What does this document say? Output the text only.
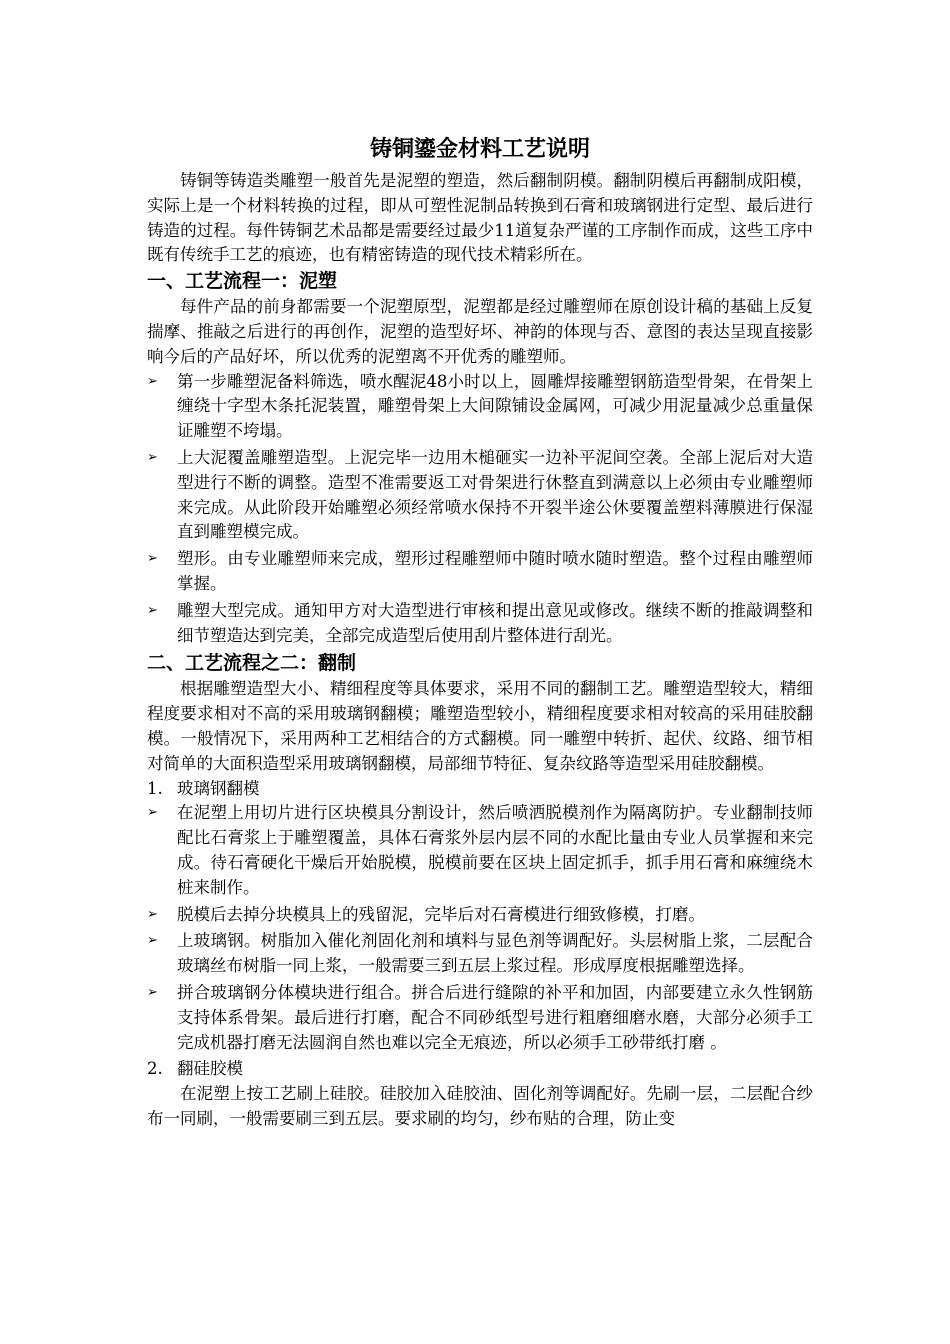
铸铜鎏金材料工艺说明

铸铜等铸造类雕塑一般首先是泥塑的塑造，然后翻制阴模。翻制阴模后再翻制成阳模，实际上是一个材料转换的过程，即从可塑性泥制品转换到石膏和玻璃钢进行定型、最后进行铸造的过程。每件铸铜艺术品都是需要经过最少11道复杂严谨的工序制作而成，这些工序中既有传统手工艺的痕迹，也有精密铸造的现代技术精彩所在。

一、工艺流程一：泥塑

每件产品的前身都需要一个泥塑原型，泥塑都是经过雕塑师在原创设计稿的基础上反复揣摩、推敲之后进行的再创作，泥塑的造型好坏、神韵的体现与否、意图的表达呈现直接影响今后的产品好坏，所以优秀的泥塑离不开优秀的雕塑师。

➢	第一步雕塑泥备料筛选，喷水醒泥48小时以上，圆雕焊接雕塑钢筋造型骨架，在骨架上缠绕十字型木条托泥装置，雕塑骨架上大间隙铺设金属网，可减少用泥量减少总重量保证雕塑不垮塌。
➢	上大泥覆盖雕塑造型。上泥完毕一边用木槌砸实一边补平泥间空袭。全部上泥后对大造型进行不断的调整。造型不准需要返工对骨架进行休整直到满意以上必须由专业雕塑师来完成。从此阶段开始雕塑必须经常喷水保持不开裂半途公休要覆盖塑料薄膜进行保湿直到雕塑模完成。
➢	塑形。由专业雕塑师来完成，塑形过程雕塑师中随时喷水随时塑造。整个过程由雕塑师掌握。
➢	雕塑大型完成。通知甲方对大造型进行审核和提出意见或修改。继续不断的推敲调整和细节塑造达到完美，全部完成造型后使用刮片整体进行刮光。
二、工艺流程之二：翻制

根据雕塑造型大小、精细程度等具体要求，采用不同的翻制工艺。雕塑造型较大，精细程度要求相对不高的采用玻璃钢翻模；雕塑造型较小，精细程度要求相对较高的采用硅胶翻模。一般情况下，采用两种工艺相结合的方式翻模。同一雕塑中转折、起伏、纹路、细节相对简单的大面积造型采用玻璃钢翻模，局部细节特征、复杂纹路等造型采用硅胶翻模。

1. 玻璃钢翻模
➢	在泥塑上用切片进行区块模具分割设计，然后喷洒脱模剂作为隔离防护。专业翻制技师配比石膏浆上于雕塑覆盖，具体石膏浆外层内层不同的水配比量由专业人员掌握和来完成。待石膏硬化干燥后开始脱模，脱模前要在区块上固定抓手，抓手用石膏和麻缠绕木桩来制作。
➢	脱模后去掉分块模具上的残留泥，完毕后对石膏模进行细致修模，打磨。
➢	上玻璃钢。树脂加入催化剂固化剂和填料与显色剂等调配好。头层树脂上浆，二层配合玻璃丝布树脂一同上浆，一般需要三到五层上浆过程。形成厚度根据雕塑选择。
➢	拼合玻璃钢分体模块进行组合。拼合后进行缝隙的补平和加固，内部要建立永久性钢筋支持体系骨架。最后进行打磨，配合不同砂纸型号进行粗磨细磨水磨，大部分必须手工完成机器打磨无法圆润自然也难以完全无痕迹，所以必须手工砂带纸打磨 。
2. 翻硅胶模

在泥塑上按工艺刷上硅胶。硅胶加入硅胶油、固化剂等调配好。先刷一层，二层配合纱布一同刷，一般需要刷三到五层。要求刷的均匀，纱布贴的合理，防止变
